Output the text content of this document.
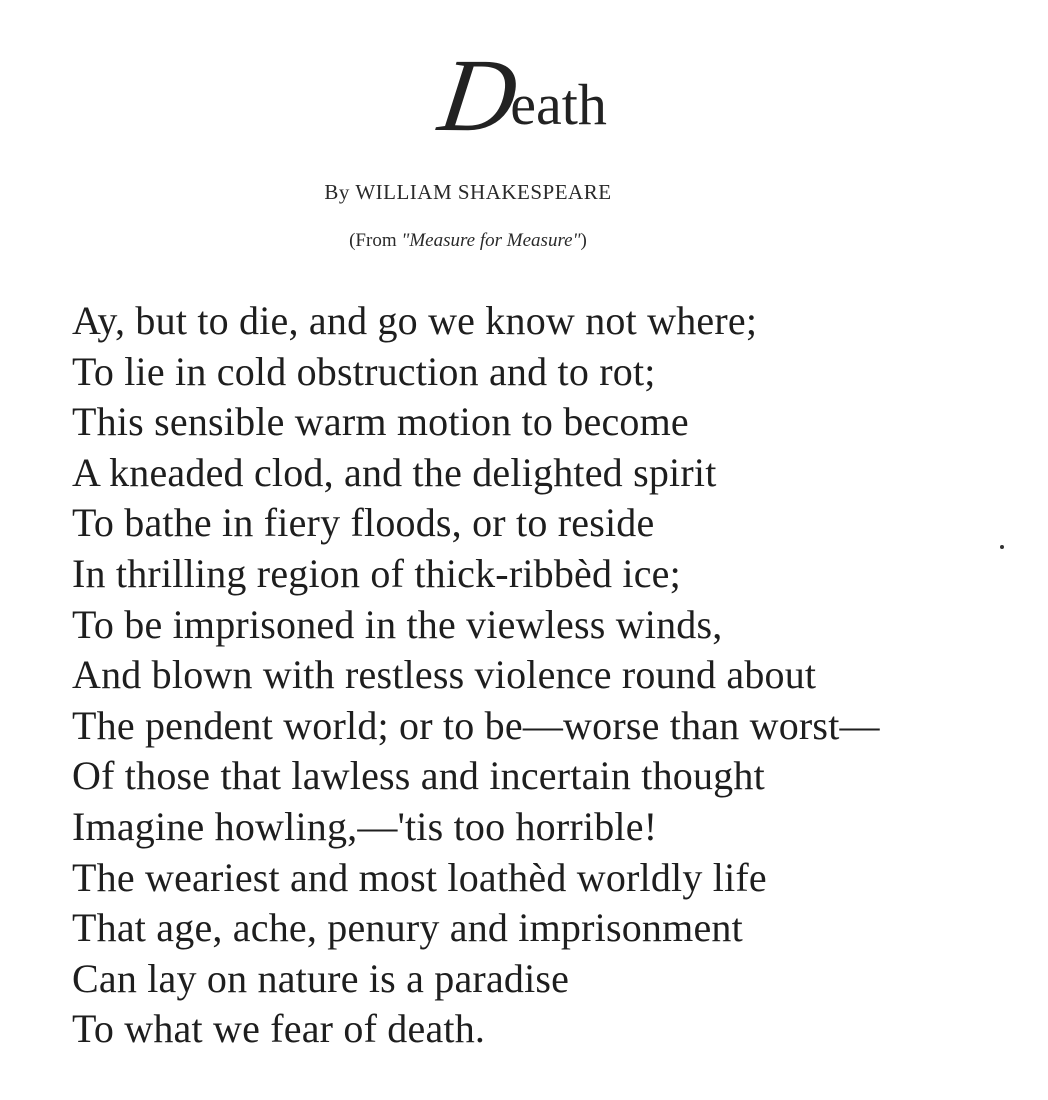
Death
By WILLIAM SHAKESPEARE
(From "Measure for Measure")
Ay, but to die, and go we know not where;
To lie in cold obstruction and to rot;
This sensible warm motion to become
A kneaded clod, and the delighted spirit
To bathe in fiery floods, or to reside
In thrilling region of thick-ribbèd ice;
To be imprisoned in the viewless winds,
And blown with restless violence round about
The pendent world; or to be—worse than worst—
Of those that lawless and incertain thought
Imagine howling,—'tis too horrible!
The weariest and most loathèd worldly life
That age, ache, penury and imprisonment
Can lay on nature is a paradise
To what we fear of death.
